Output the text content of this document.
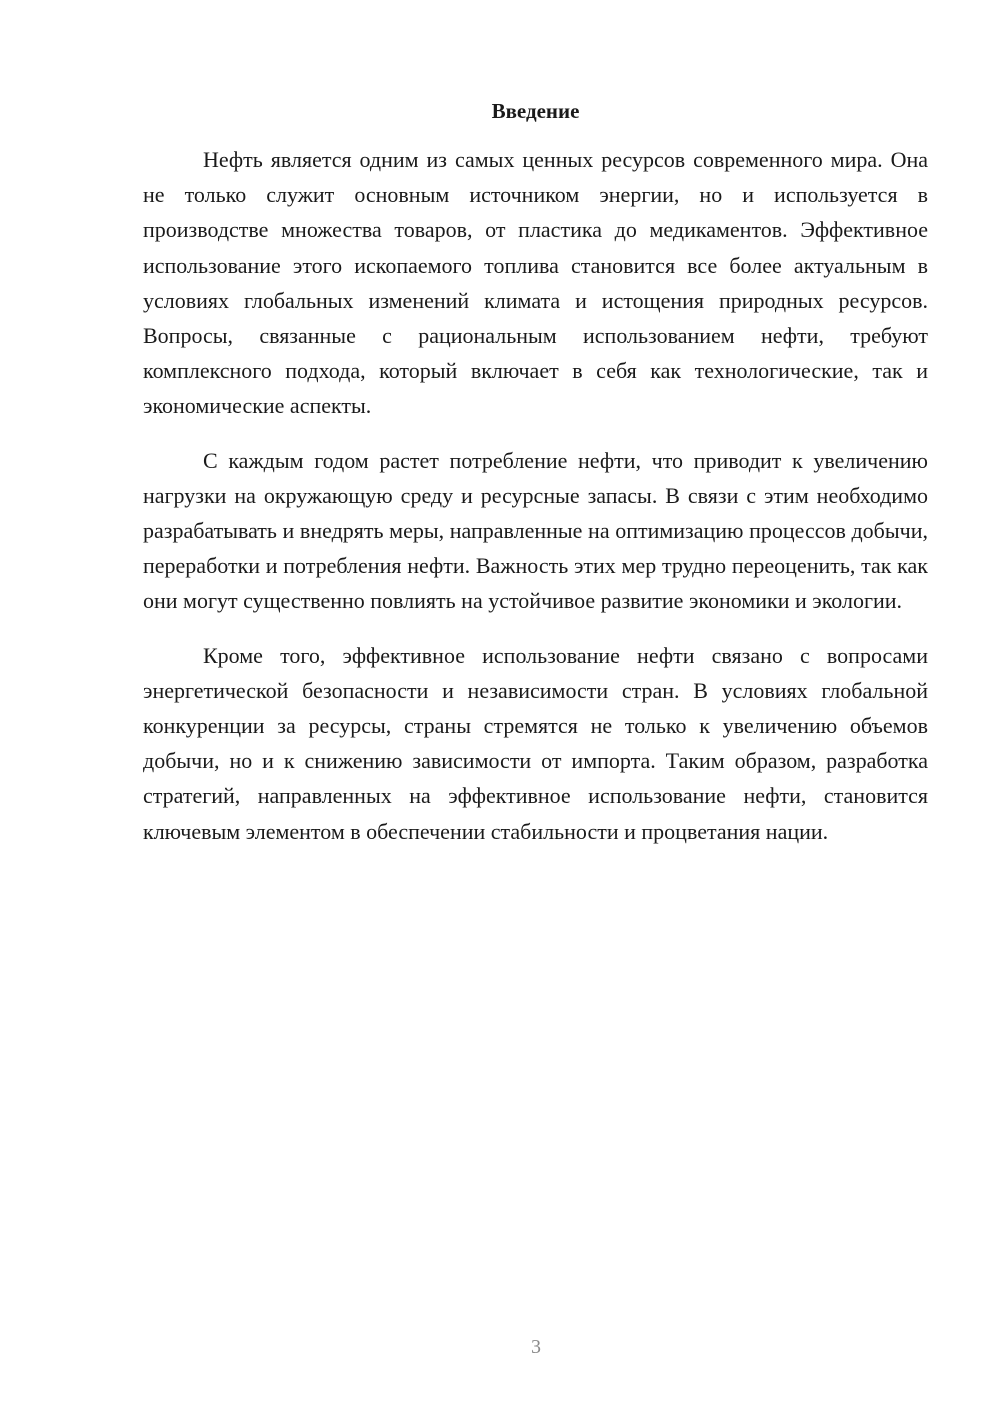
Введение

Нефть является одним из самых ценных ресурсов современного мира. Она не только служит основным источником энергии, но и используется в производстве множества товаров, от пластика до медикаментов. Эффективное использование этого ископаемого топлива становится все более актуальным в условиях глобальных изменений климата и истощения природных ресурсов. Вопросы, связанные с рациональным использованием нефти, требуют комплексного подхода, который включает в себя как технологические, так и экономические аспекты.

С каждым годом растет потребление нефти, что приводит к увеличению нагрузки на окружающую среду и ресурсные запасы. В связи с этим необходимо разрабатывать и внедрять меры, направленные на оптимизацию процессов добычи, переработки и потребления нефти. Важность этих мер трудно переоценить, так как они могут существенно повлиять на устойчивое развитие экономики и экологии.

Кроме того, эффективное использование нефти связано с вопросами энергетической безопасности и независимости стран. В условиях глобальной конкуренции за ресурсы, страны стремятся не только к увеличению объемов добычи, но и к снижению зависимости от импорта. Таким образом, разработка стратегий, направленных на эффективное использование нефти, становится ключевым элементом в обеспечении стабильности и процветания нации.

3
